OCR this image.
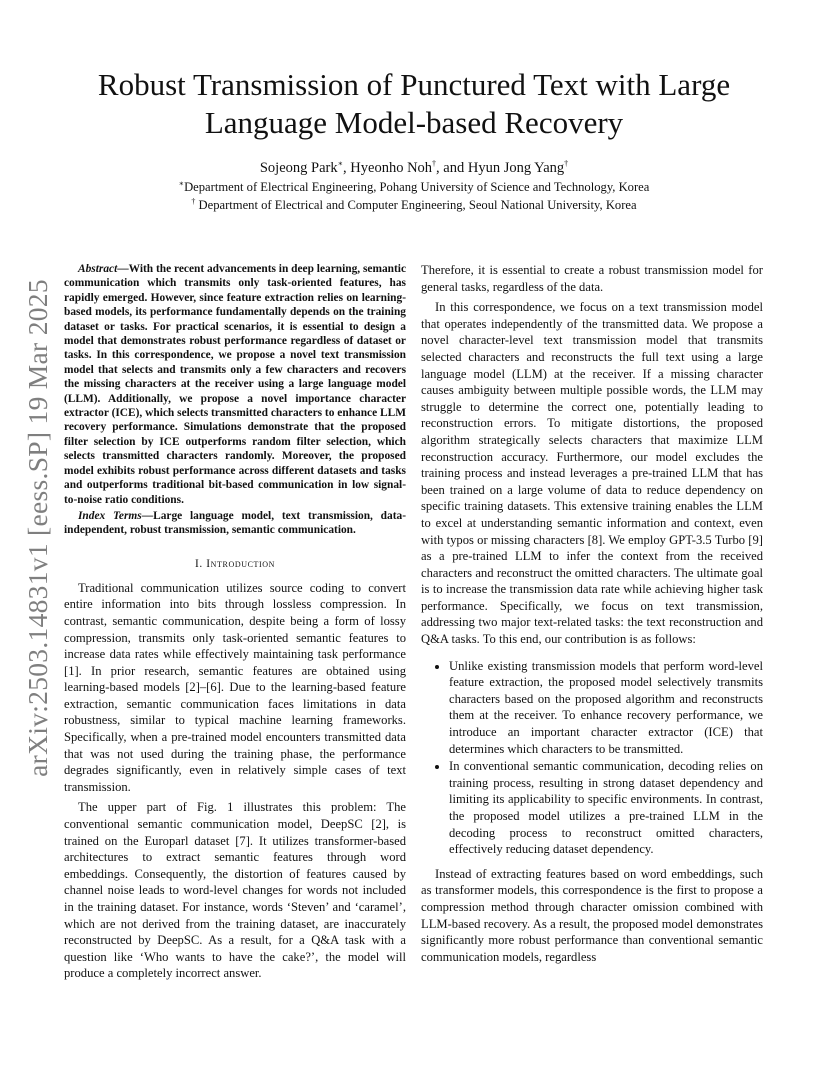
arXiv:2503.14831v1 [eess.SP] 19 Mar 2025
Robust Transmission of Punctured Text with Large
Language Model-based Recovery
Sojeong Park∗, Hyeonho Noh†, and Hyun Jong Yang†
∗Department of Electrical Engineering, Pohang University of Science and Technology, Korea
† Department of Electrical and Computer Engineering, Seoul National University, Korea

Abstract—With the recent advancements in deep learning, semantic communication which transmits only task-oriented features, has rapidly emerged. However, since feature extraction relies on learning-based models, its performance fundamentally depends on the training dataset or tasks. For practical scenarios, it is essential to design a model that demonstrates robust performance regardless of dataset or tasks. In this correspondence, we propose a novel text transmission model that selects and transmits only a few characters and recovers the missing characters at the receiver using a large language model (LLM). Additionally, we propose a novel importance character extractor (ICE), which selects transmitted characters to enhance LLM recovery performance. Simulations demonstrate that the proposed filter selection by ICE outperforms random filter selection, which selects transmitted characters randomly. Moreover, the proposed model exhibits robust performance across different datasets and tasks and outperforms traditional bit-based communication in low signal-to-noise ratio conditions.

Index Terms—Large language model, text transmission, data-independent, robust transmission, semantic communication.

I. Introduction

Traditional communication utilizes source coding to convert entire information into bits through lossless compression. In contrast, semantic communication, despite being a form of lossy compression, transmits only task-oriented semantic features to increase data rates while effectively maintaining task performance [1]. In prior research, semantic features are obtained using learning-based models [2]–[6]. Due to the learning-based feature extraction, semantic communication faces limitations in data robustness, similar to typical machine learning frameworks. Specifically, when a pre-trained model encounters transmitted data that was not used during the training phase, the performance degrades significantly, even in relatively simple cases of text transmission.

The upper part of Fig. 1 illustrates this problem: The conventional semantic communication model, DeepSC [2], is trained on the Europarl dataset [7]. It utilizes transformer-based architectures to extract semantic features through word embeddings. Consequently, the distortion of features caused by channel noise leads to word-level changes for words not included in the training dataset. For instance, words ‘Steven’ and ‘caramel’, which are not derived from the training dataset, are inaccurately reconstructed by DeepSC. As a result, for a Q&A task with a question like ‘Who wants to have the cake?’, the model will produce a completely incorrect answer.

Therefore, it is essential to create a robust transmission model for general tasks, regardless of the data.

In this correspondence, we focus on a text transmission model that operates independently of the transmitted data. We propose a novel character-level text transmission model that transmits selected characters and reconstructs the full text using a large language model (LLM) at the receiver. If a missing character causes ambiguity between multiple possible words, the LLM may struggle to determine the correct one, potentially leading to reconstruction errors. To mitigate distortions, the proposed algorithm strategically selects characters that maximize LLM reconstruction accuracy. Furthermore, our model excludes the training process and instead leverages a pre-trained LLM that has been trained on a large volume of data to reduce dependency on specific training datasets. This extensive training enables the LLM to excel at understanding semantic information and context, even with typos or missing characters [8]. We employ GPT-3.5 Turbo [9] as a pre-trained LLM to infer the context from the received characters and reconstruct the omitted characters. The ultimate goal is to increase the transmission data rate while achieving higher task performance. Specifically, we focus on text transmission, addressing two major text-related tasks: the text reconstruction and Q&A tasks. To this end, our contribution is as follows:

• Unlike existing transmission models that perform word-level feature extraction, the proposed model selectively transmits characters based on the proposed algorithm and reconstructs them at the receiver. To enhance recovery performance, we introduce an important character extractor (ICE) that determines which characters to be transmitted.
• In conventional semantic communication, decoding relies on training process, resulting in strong dataset dependency and limiting its applicability to specific environments. In contrast, the proposed model utilizes a pre-trained LLM in the decoding process to reconstruct omitted characters, effectively reducing dataset dependency.

Instead of extracting features based on word embeddings, such as transformer models, this correspondence is the first to propose a compression method through character omission combined with LLM-based recovery. As a result, the proposed model demonstrates significantly more robust performance than conventional semantic communication models, regardless
